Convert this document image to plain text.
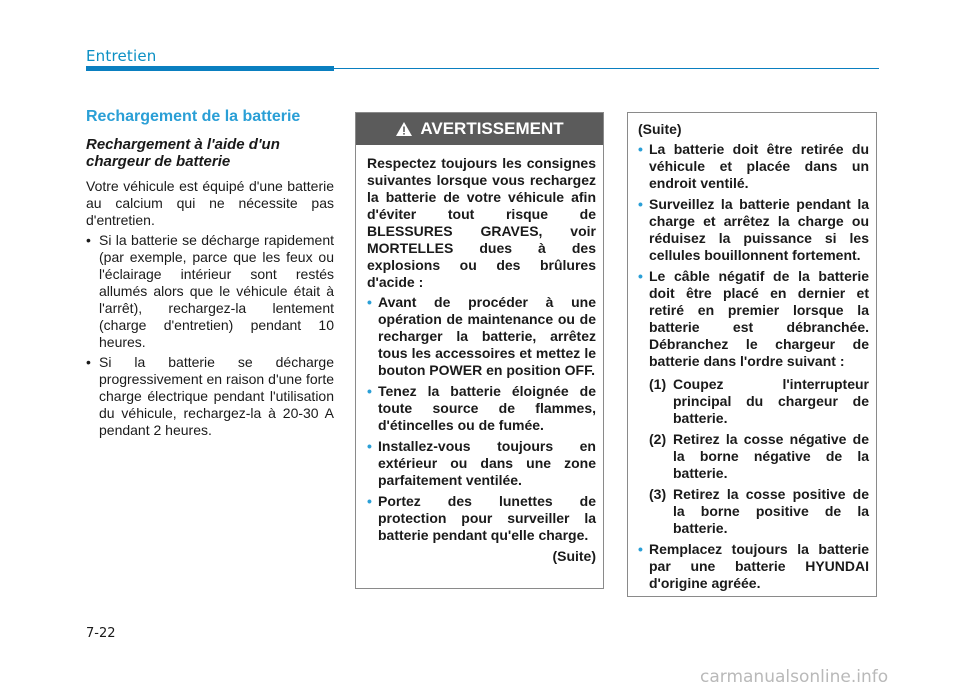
Entretien
Rechargement de la batterie
Rechargement à l'aide d'un chargeur de batterie

Votre véhicule est équipé d'une batterie au calcium qui ne nécessite pas d'entretien.

• Si la batterie se décharge rapidement (par exemple, parce que les feux ou l'éclairage intérieur sont restés allumés alors que le véhicule était à l'arrêt), rechargez-la lentement (charge d'entretien) pendant 10 heures.
• Si la batterie se décharge progressivement en raison d'une forte charge électrique pendant l'utilisation du véhicule, rechargez-la à 20-30 A pendant 2 heures.
AVERTISSEMENT

Respectez toujours les consignes suivantes lorsque vous rechargez la batterie de votre véhicule afin d'éviter tout risque de BLESSURES GRAVES, voir MORTELLES dues à des explosions ou des brûlures d'acide :

• Avant de procéder à une opération de maintenance ou de recharger la batterie, arrêtez tous les accessoires et mettez le bouton POWER en position OFF.
• Tenez la batterie éloignée de toute source de flammes, d'étincelles ou de fumée.
• Installez-vous toujours en extérieur ou dans une zone parfaitement ventilée.
• Portez des lunettes de protection pour surveiller la batterie pendant qu'elle charge.
(Suite)
(Suite)
• La batterie doit être retirée du véhicule et placée dans un endroit ventilé.
• Surveillez la batterie pendant la charge et arrêtez la charge ou réduisez la puissance si les cellules bouillonnent fortement.
• Le câble négatif de la batterie doit être placé en dernier et retiré en premier lorsque la batterie est débranchée. Débranchez le chargeur de batterie dans l'ordre suivant :
(1) Coupez l'interrupteur principal du chargeur de batterie.
(2) Retirez la cosse négative de la borne négative de la batterie.
(3) Retirez la cosse positive de la borne positive de la batterie.
• Remplacez toujours la batterie par une batterie HYUNDAI d'origine agréée.
7-22
carmanualsonline.info
